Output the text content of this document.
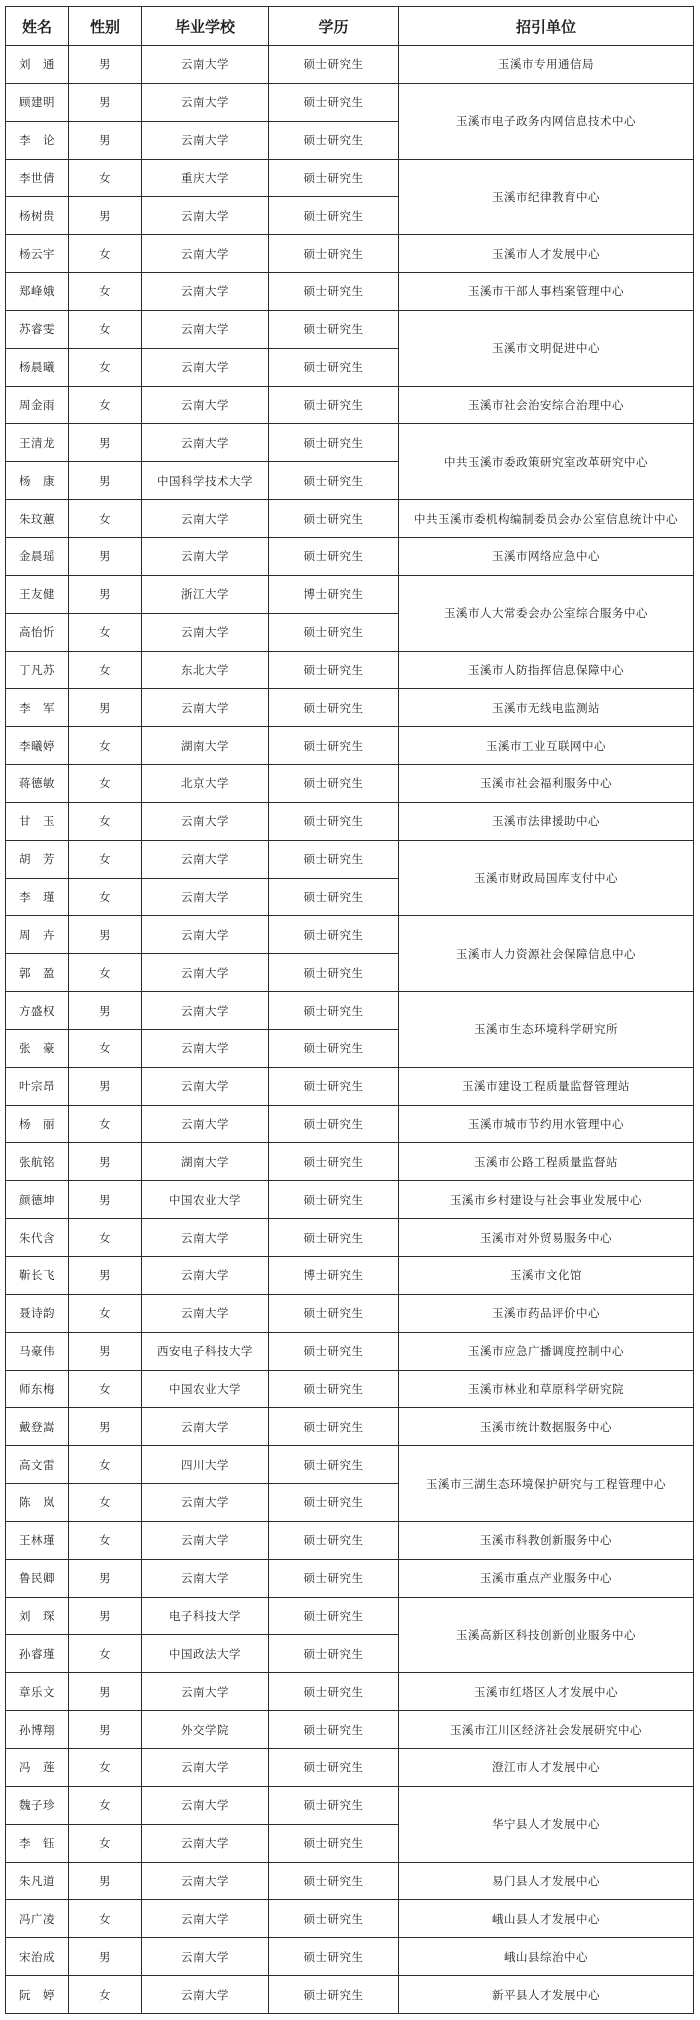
姓名	性别	毕业学校	学历	招引单位
刘　通	男	云南大学	硕士研究生	玉溪市专用通信局
顾建明	男	云南大学	硕士研究生	玉溪市电子政务内网信息技术中心
李　论	男	云南大学	硕士研究生	
李世倩	女	重庆大学	硕士研究生	玉溪市纪律教育中心
杨树贵	男	云南大学	硕士研究生	
杨云宇	女	云南大学	硕士研究生	玉溪市人才发展中心
郑峰娥	女	云南大学	硕士研究生	玉溪市干部人事档案管理中心
苏睿雯	女	云南大学	硕士研究生	玉溪市文明促进中心
杨晨曦	女	云南大学	硕士研究生	
周金雨	女	云南大学	硕士研究生	玉溪市社会治安综合治理中心
王清龙	男	云南大学	硕士研究生	中共玉溪市委政策研究室改革研究中心
杨　康	男	中国科学技术大学	硕士研究生	
朱玟蕙	女	云南大学	硕士研究生	中共玉溪市委机构编制委员会办公室信息统计中心
金晨瑶	男	云南大学	硕士研究生	玉溪市网络应急中心
王友健	男	浙江大学	博士研究生	玉溪市人大常委会办公室综合服务中心
高怡忻	女	云南大学	硕士研究生	
丁凡苏	女	东北大学	硕士研究生	玉溪市人防指挥信息保障中心
李　军	男	云南大学	硕士研究生	玉溪市无线电监测站
李曦婷	女	湖南大学	硕士研究生	玉溪市工业互联网中心
蒋德敏	女	北京大学	硕士研究生	玉溪市社会福利服务中心
甘　玉	女	云南大学	硕士研究生	玉溪市法律援助中心
胡　芳	女	云南大学	硕士研究生	玉溪市财政局国库支付中心
李　瑾	女	云南大学	硕士研究生	
周　卉	男	云南大学	硕士研究生	玉溪市人力资源社会保障信息中心
郭　盈	女	云南大学	硕士研究生	
方盛权	男	云南大学	硕士研究生	玉溪市生态环境科学研究所
张　豪	女	云南大学	硕士研究生	
叶宗昂	男	云南大学	硕士研究生	玉溪市建设工程质量监督管理站
杨　丽	女	云南大学	硕士研究生	玉溪市城市节约用水管理中心
张航铭	男	湖南大学	硕士研究生	玉溪市公路工程质量监督站
颜德坤	男	中国农业大学	硕士研究生	玉溪市乡村建设与社会事业发展中心
朱代含	女	云南大学	硕士研究生	玉溪市对外贸易服务中心
靳长飞	男	云南大学	博士研究生	玉溪市文化馆
聂诗韵	女	云南大学	硕士研究生	玉溪市药品评价中心
马豪伟	男	西安电子科技大学	硕士研究生	玉溪市应急广播调度控制中心
师东梅	女	中国农业大学	硕士研究生	玉溪市林业和草原科学研究院
戴登嵩	男	云南大学	硕士研究生	玉溪市统计数据服务中心
高文雷	女	四川大学	硕士研究生	玉溪市三湖生态环境保护研究与工程管理中心
陈　岚	女	云南大学	硕士研究生	
王林瑾	女	云南大学	硕士研究生	玉溪市科教创新服务中心
鲁民卿	男	云南大学	硕士研究生	玉溪市重点产业服务中心
刘　琛	男	电子科技大学	硕士研究生	玉溪高新区科技创新创业服务中心
孙睿瑾	女	中国政法大学	硕士研究生	
章乐文	男	云南大学	硕士研究生	玉溪市红塔区人才发展中心
孙博翔	男	外交学院	硕士研究生	玉溪市江川区经济社会发展研究中心
冯　莲	女	云南大学	硕士研究生	澄江市人才发展中心
魏子珍	女	云南大学	硕士研究生	华宁县人才发展中心
李　钰	女	云南大学	硕士研究生	
朱凡道	男	云南大学	硕士研究生	易门县人才发展中心
冯广凌	女	云南大学	硕士研究生	峨山县人才发展中心
宋治成	男	云南大学	硕士研究生	峨山县综治中心
阮　婷	女	云南大学	硕士研究生	新平县人才发展中心
